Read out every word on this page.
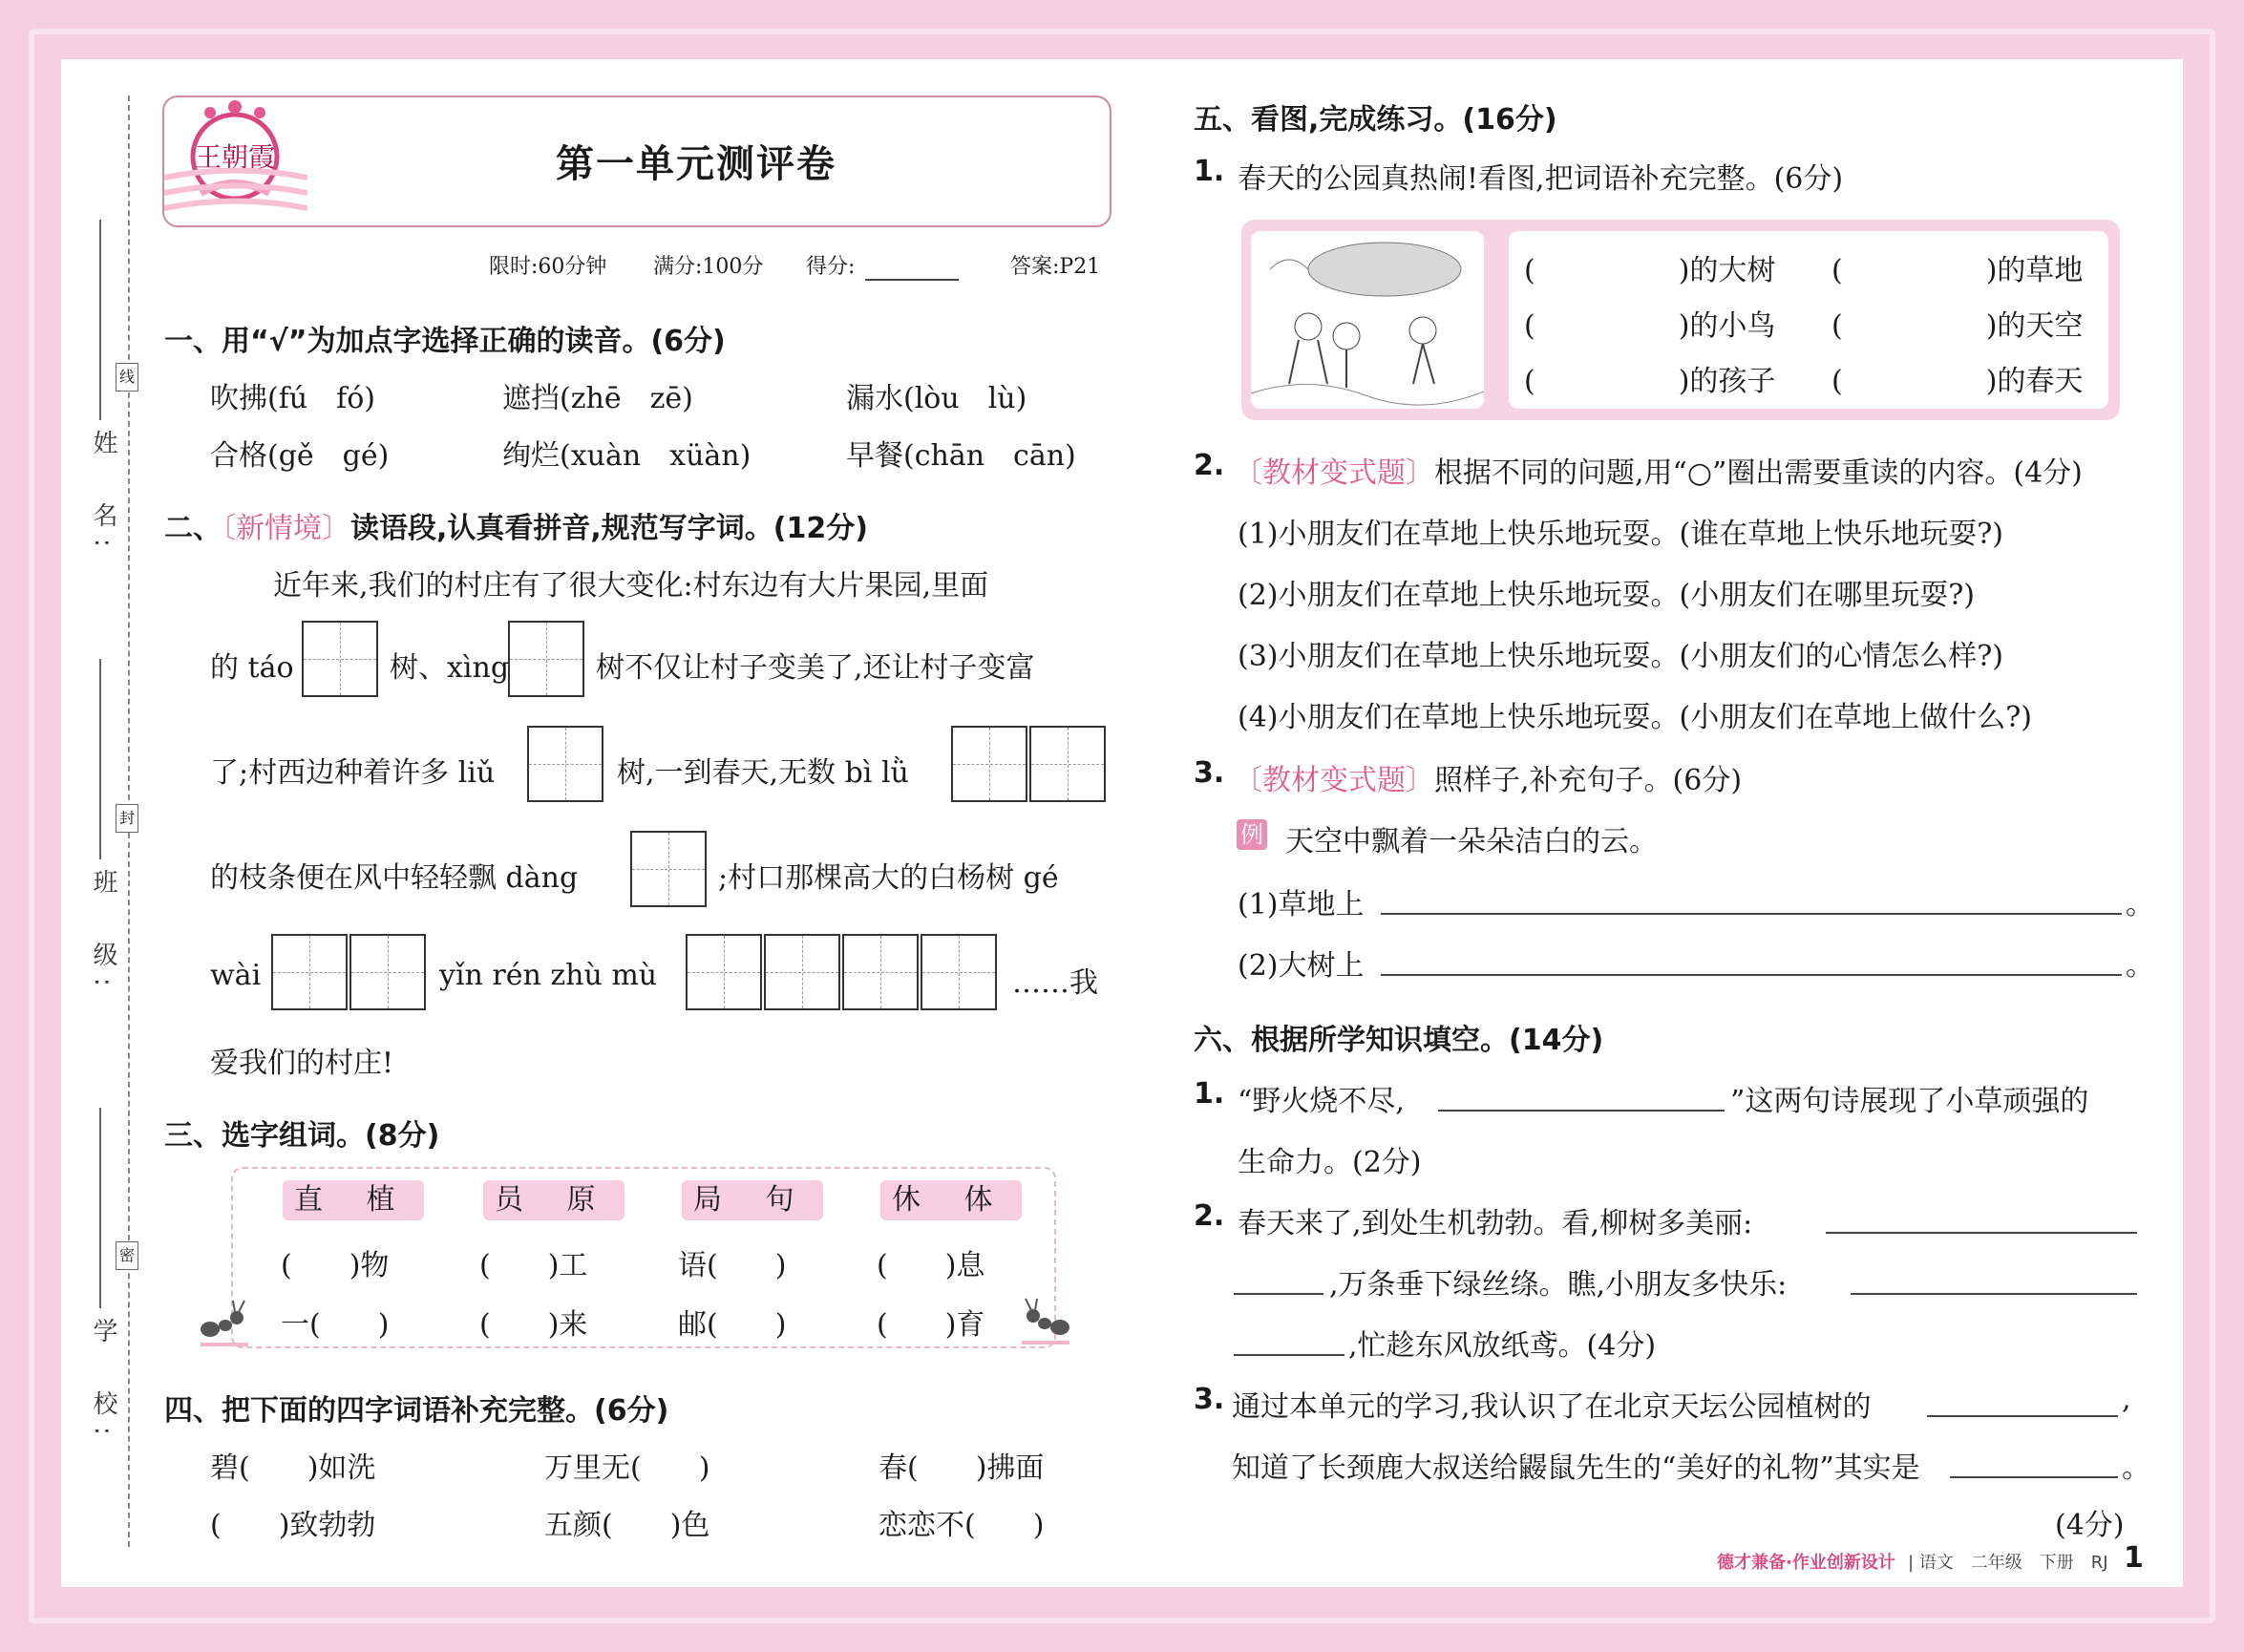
姓　名:
线
班　级:
封
学　校:
密
王朝霞	第一单元测评卷
限时:60分钟 满分:100分 得分:	答案:P21
一、用“√”为加点字选择正确的读音。(6分)
吹拂(fú　fó)	遮挡(zhē　zē)	漏水(lòu　lù)
合格(gě　gé)	绚烂(xuàn　xüàn)	早餐(chān　cān)
二、〔新情境〕读语段,认真看拼音,规范写字词。(12分)
近年来,我们的村庄有了很大变化:村东边有大片果园,里面
的 táo	树、xìng	树不仅让村子变美了,还让村子变富
了;村西边种着许多 liǔ	树,一到春天,无数 bì lǜ
的枝条便在风中轻轻飘 dàng	;村口那棵高大的白杨树 gé
wài	yǐn rén zhù mù	……我
爱我们的村庄!
三、选字组词。(8分)
直 植	员 原	局 句	休 体
(　　)物	(　　)工	语(　　)	(　　)息
一(　　)	(　　)来	邮(　　)	(　　)育
四、把下面的四字词语补充完整。(6分)
碧(　　)如洗	万里无(　　)	春(　　)拂面
(　　)致勃勃	五颜(　　)色	恋恋不(　　)
五、看图,完成练习。(16分)
1. 春天的公园真热闹!看图,把词语补充完整。(6分)
(　　　　　)的大树 (　　　　　)的草地
(　　　　　)的小鸟 (　　　　　)的天空
(　　　　　)的孩子 (　　　　　)的春天
2. 〔教材变式题〕根据不同的问题,用“○”圈出需要重读的内容。(4分)
(1)小朋友们在草地上快乐地玩耍。(谁在草地上快乐地玩耍?)
(2)小朋友们在草地上快乐地玩耍。(小朋友们在哪里玩耍?)
(3)小朋友们在草地上快乐地玩耍。(小朋友们的心情怎么样?)
(4)小朋友们在草地上快乐地玩耍。(小朋友们在草地上做什么?)
3. 〔教材变式题〕照样子,补充句子。(6分)
例 天空中飘着一朵朵洁白的云。
(1)草地上	。
(2)大树上	。
六、根据所学知识填空。(14分)
1. “野火烧不尽,	”这两句诗展现了小草顽强的
生命力。(2分)
2. 春天来了,到处生机勃勃。看,柳树多美丽:
,万条垂下绿丝绦。瞧,小朋友多快乐:
,忙趁东风放纸鸢。(4分)
3. 通过本单元的学习,我认识了在北京天坛公园植树的	,
知道了长颈鹿大叔送给鼹鼠先生的“美好的礼物”其实是	。
(4分)
德才兼备·作业创新设计 | 语文　二年级　下册　RJ 1
